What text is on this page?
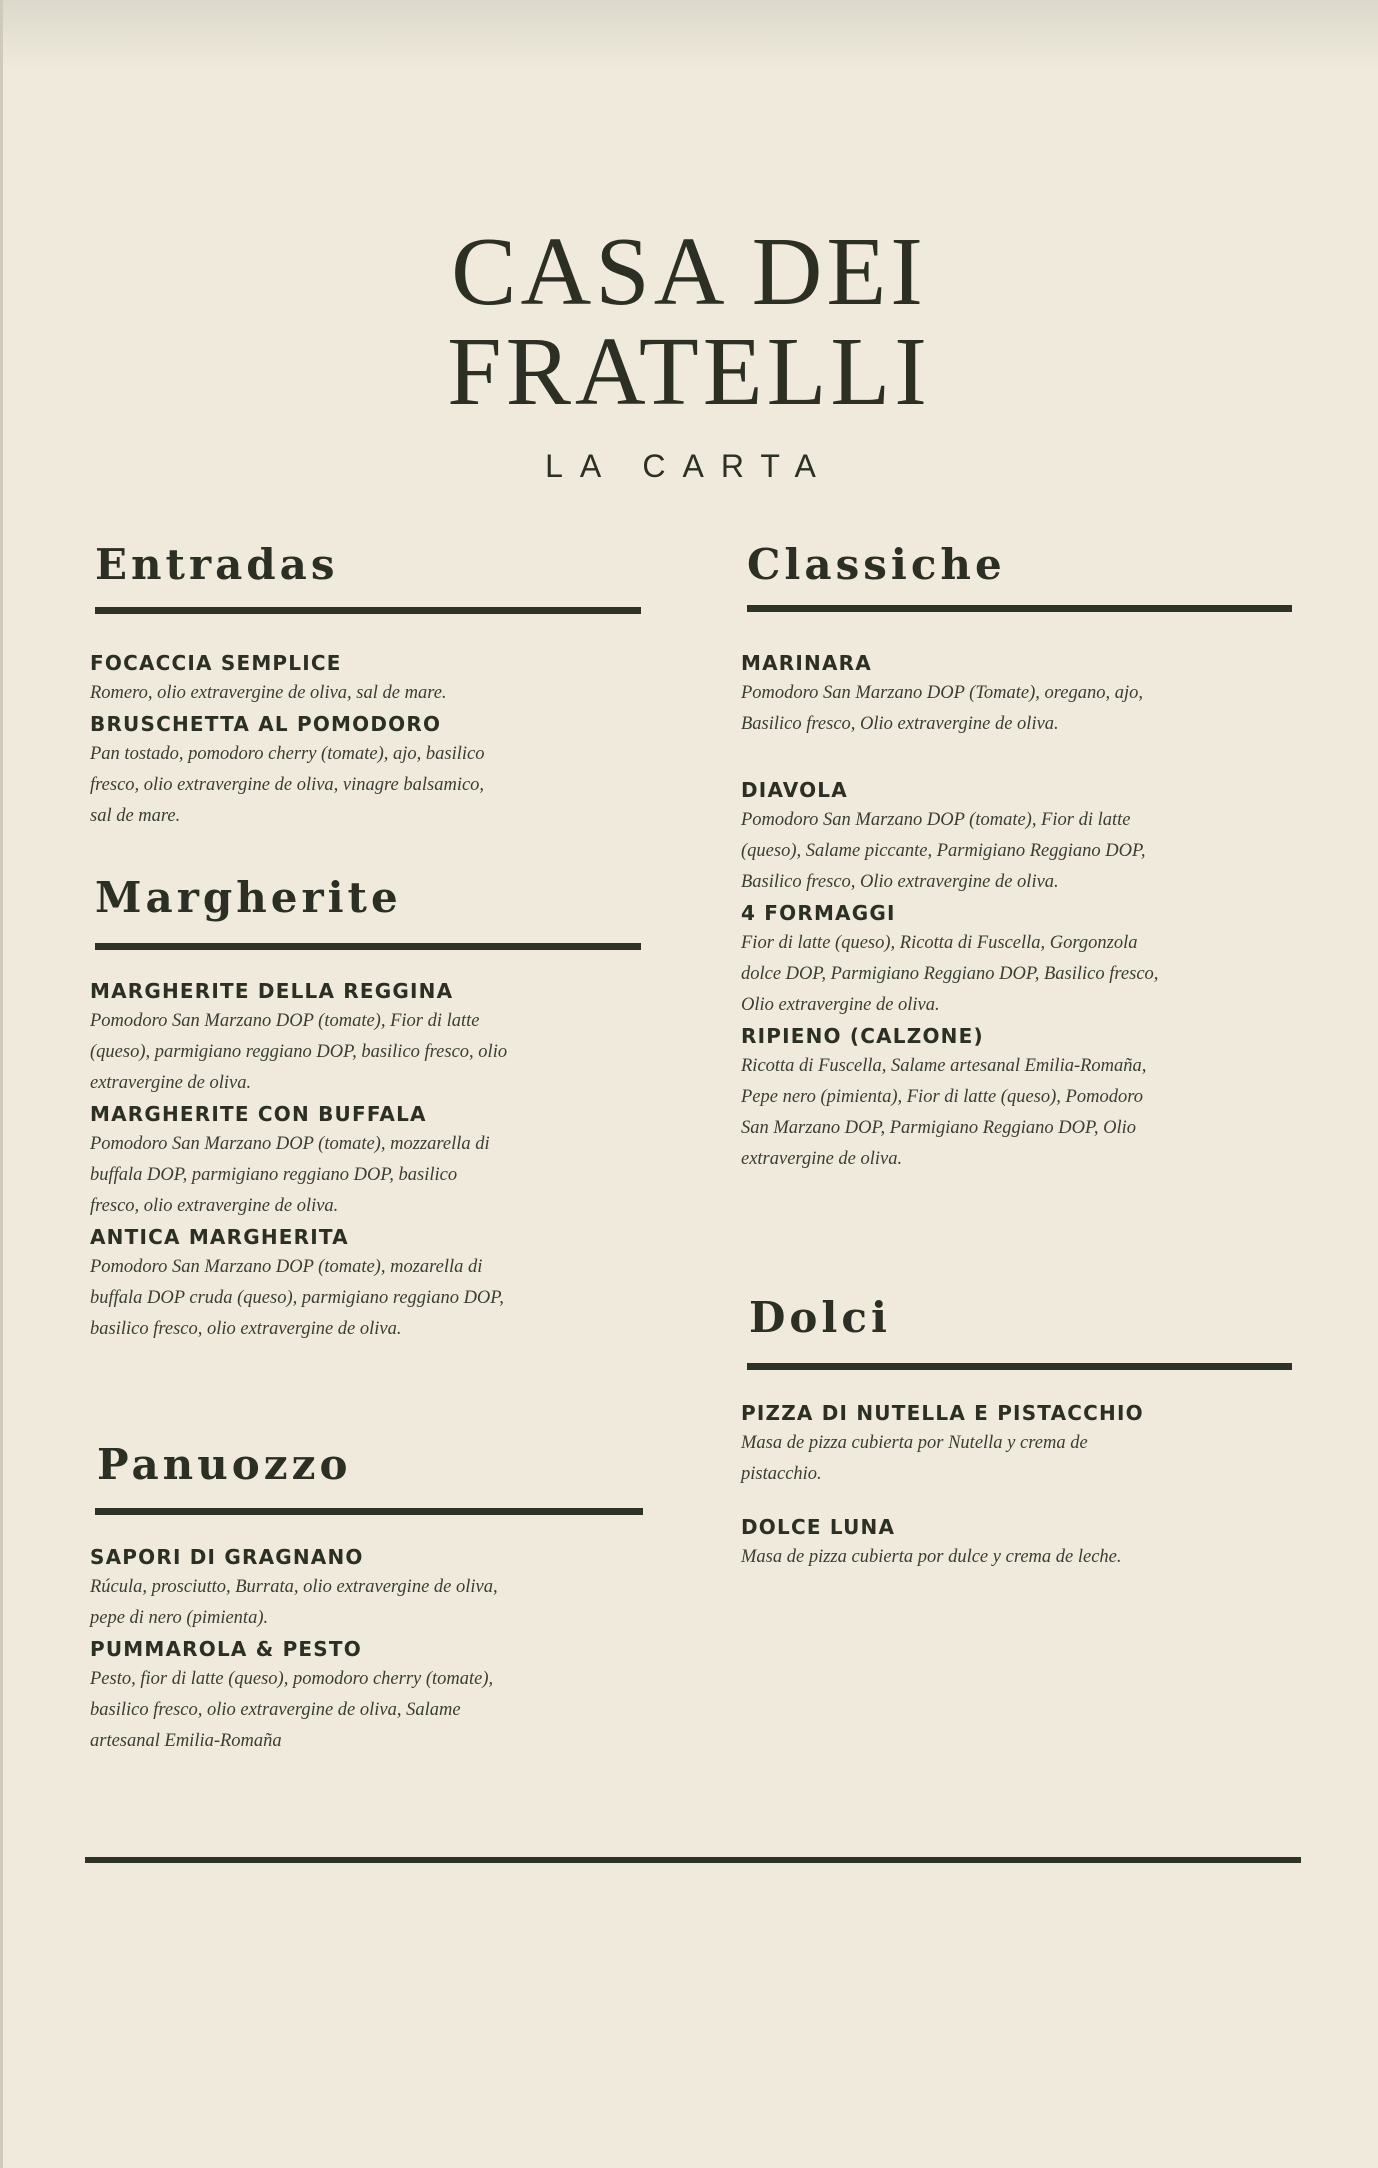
CASA DEI
FRATELLI
LA CARTA
Entradas
FOCACCIA SEMPLICE
Romero, olio extravergine de oliva, sal de mare.
BRUSCHETTA AL POMODORO
Pan tostado, pomodoro cherry (tomate), ajo, basilico fresco, olio extravergine de oliva, vinagre balsamico, sal de mare.
Margherite
MARGHERITE DELLA REGGINA
Pomodoro San Marzano DOP (tomate), Fior di latte (queso), parmigiano reggiano DOP, basilico fresco, olio extravergine de oliva.
MARGHERITE CON BUFFALA
Pomodoro San Marzano DOP (tomate), mozzarella di buffala DOP, parmigiano reggiano DOP, basilico fresco, olio extravergine de oliva.
ANTICA MARGHERITA
Pomodoro San Marzano DOP (tomate), mozarella di buffala DOP cruda (queso), parmigiano reggiano DOP, basilico fresco, olio extravergine de oliva.
Panuozzo
SAPORI DI GRAGNANO
Rúcula, prosciutto, Burrata, olio extravergine de oliva, pepe di nero (pimienta).
PUMMAROLA & PESTO
Pesto, fior di latte (queso), pomodoro cherry (tomate), basilico fresco, olio extravergine de oliva, Salame artesanal Emilia-Romaña
Classiche
MARINARA
Pomodoro San Marzano DOP (Tomate), oregano, ajo, Basilico fresco, Olio extravergine de oliva.
DIAVOLA
Pomodoro San Marzano DOP (tomate), Fior di latte (queso), Salame piccante, Parmigiano Reggiano DOP, Basilico fresco, Olio extravergine de oliva.
4 FORMAGGI
Fior di latte (queso), Ricotta di Fuscella, Gorgonzola dolce DOP, Parmigiano Reggiano DOP, Basilico fresco, Olio extravergine de oliva.
RIPIENO (CALZONE)
Ricotta di Fuscella, Salame artesanal Emilia-Romaña, Pepe nero (pimienta), Fior di latte (queso), Pomodoro San Marzano DOP, Parmigiano Reggiano DOP, Olio extravergine de oliva.
Dolci
PIZZA DI NUTELLA E PISTACCHIO
Masa de pizza cubierta por Nutella y crema de pistacchio.
DOLCE LUNA
Masa de pizza cubierta por dulce y crema de leche.
